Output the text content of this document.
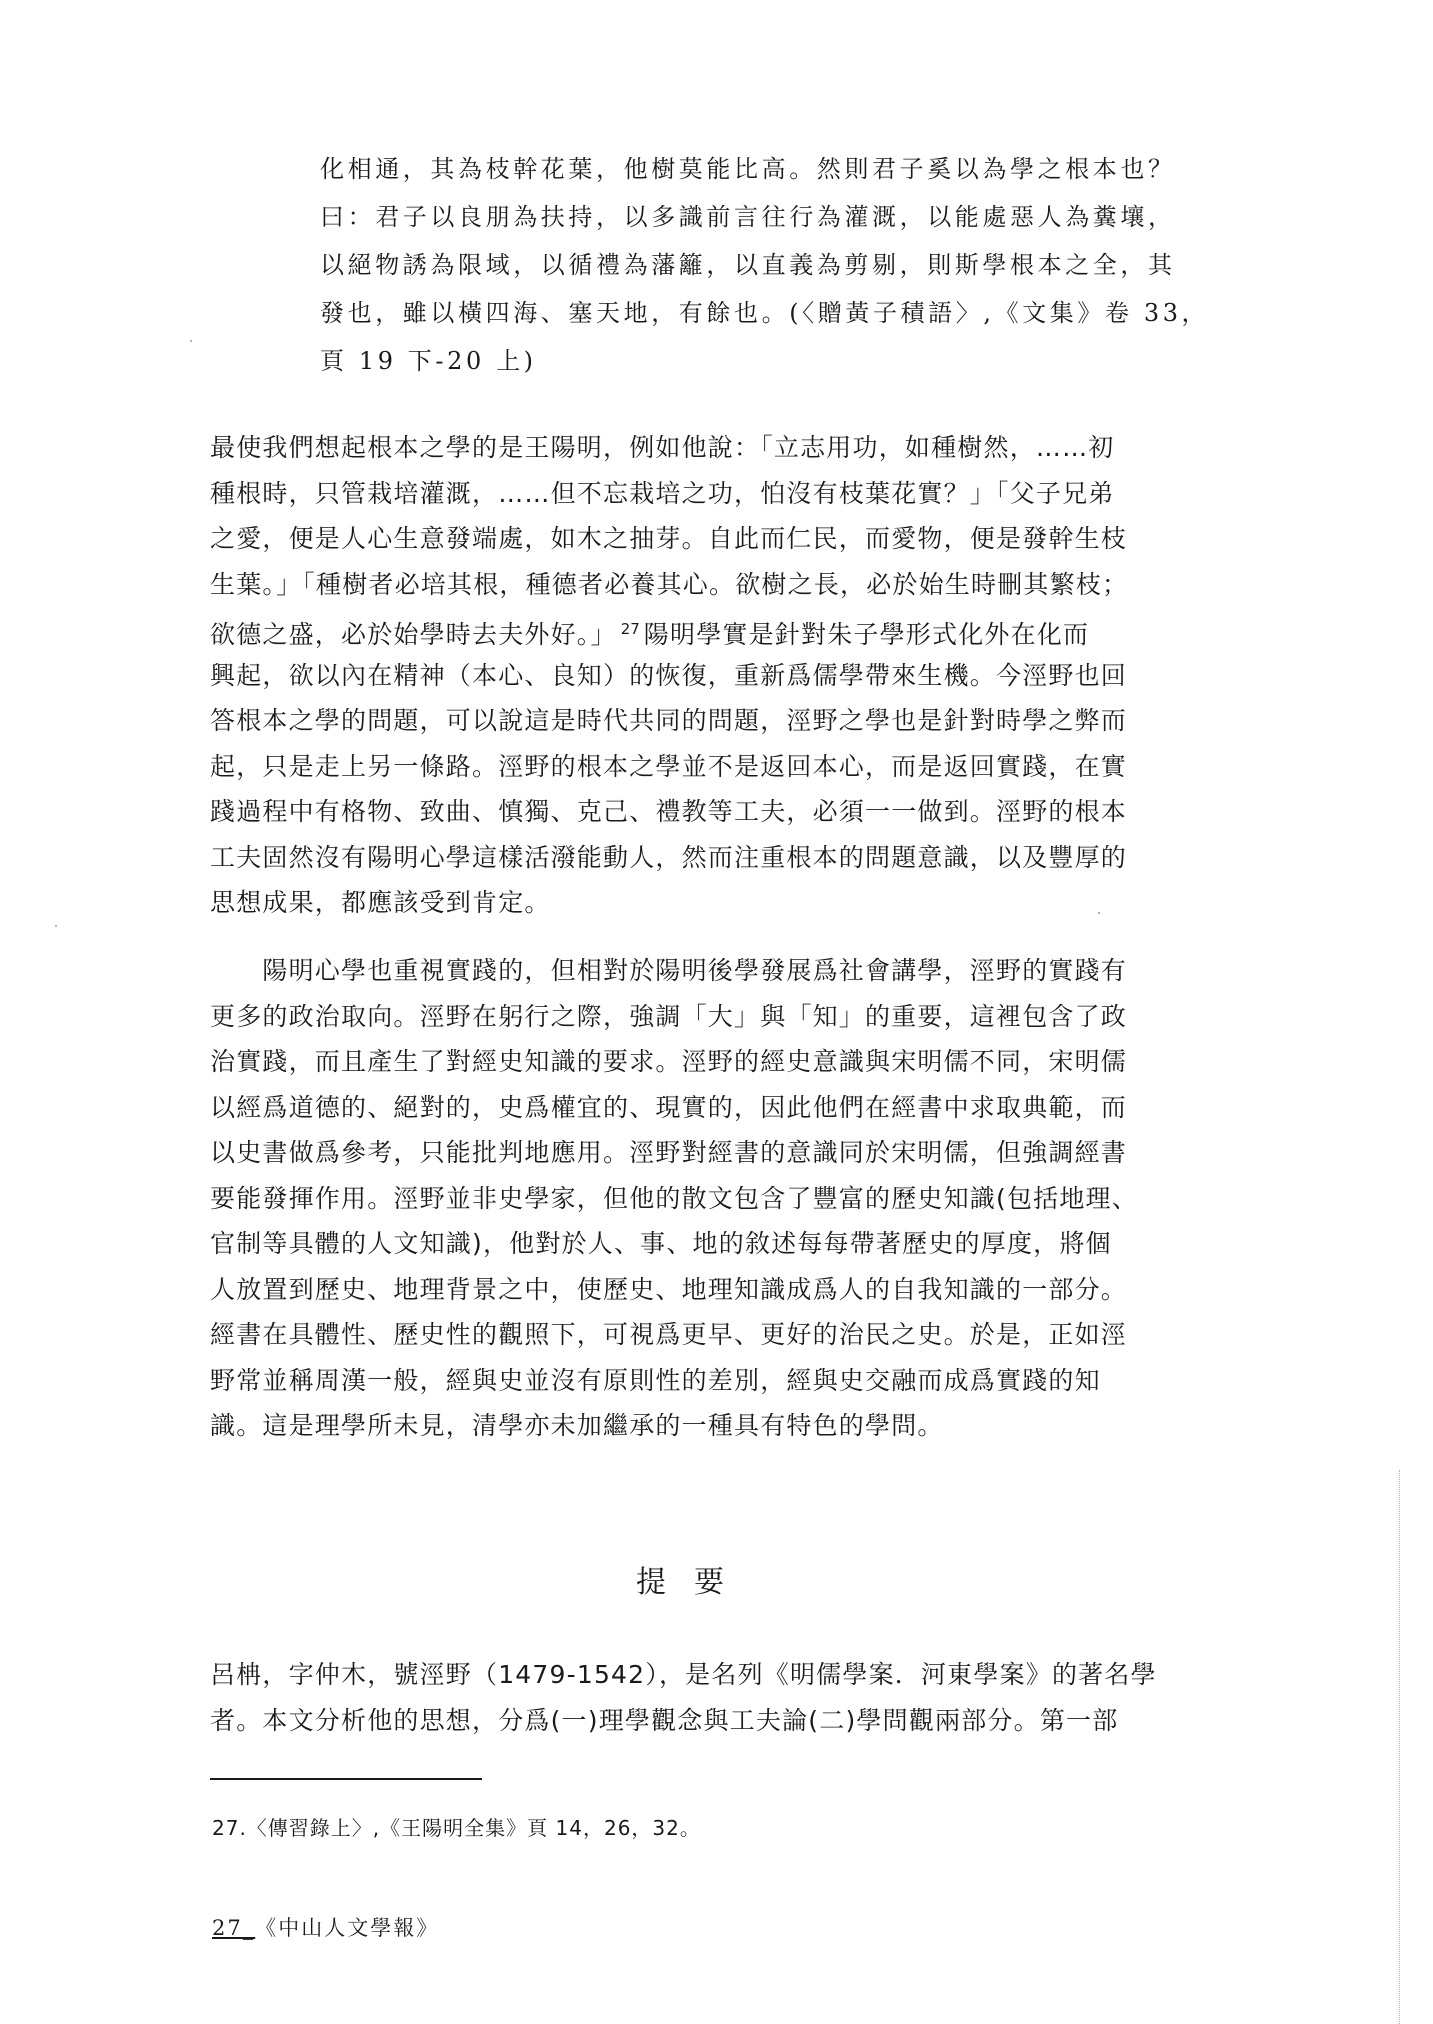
化相通，其為枝幹花葉，他樹莫能比高。然則君子奚以為學之根本也？
曰：君子以良朋為扶持，以多識前言往行為灌溉，以能處惡人為糞壤，
以絕物誘為限域，以循禮為藩籬，以直義為剪剔，則斯學根本之全，其
發也，雖以橫四海、塞天地，有餘也。(〈贈黃子積語〉,《文集》卷 33，
頁 19 下-20 上)
最使我們想起根本之學的是王陽明，例如他說：「立志用功，如種樹然，……初
種根時，只管栽培灌溉，……但不忘栽培之功，怕沒有枝葉花實？」「父子兄弟
之愛，便是人心生意發端處，如木之抽芽。自此而仁民，而愛物，便是發幹生枝
生葉。」「種樹者必培其根，種德者必養其心。欲樹之長，必於始生時刪其繁枝；
欲德之盛，必於始學時去夫外好。」 $^{27}$ 陽明學實是針對朱子學形式化外在化而
興起，欲以內在精神（本心、良知）的恢復，重新爲儒學帶來生機。今涇野也回
答根本之學的問題，可以說這是時代共同的問題，涇野之學也是針對時學之弊而
起，只是走上另一條路。涇野的根本之學並不是返回本心，而是返回實踐，在實
踐過程中有格物、致曲、慎獨、克己、禮教等工夫，必須一一做到。涇野的根本
工夫固然沒有陽明心學這樣活潑能動人，然而注重根本的問題意識，以及豐厚的
思想成果，都應該受到肯定。
　　陽明心學也重視實踐的，但相對於陽明後學發展爲社會講學，涇野的實踐有
更多的政治取向。涇野在躬行之際，強調「大」與「知」的重要，這裡包含了政
治實踐，而且產生了對經史知識的要求。涇野的經史意識與宋明儒不同，宋明儒
以經爲道德的、絕對的，史爲權宜的、現實的，因此他們在經書中求取典範，而
以史書做爲參考，只能批判地應用。涇野對經書的意識同於宋明儒，但強調經書
要能發揮作用。涇野並非史學家，但他的散文包含了豐富的歷史知識(包括地理、
官制等具體的人文知識)，他對於人、事、地的敘述每每帶著歷史的厚度，將個
人放置到歷史、地理背景之中，使歷史、地理知識成爲人的自我知識的一部分。
經書在具體性、歷史性的觀照下，可視爲更早、更好的治民之史。於是，正如涇
野常並稱周漢一般，經與史並沒有原則性的差別，經與史交融而成爲實踐的知
識。這是理學所未見，清學亦未加繼承的一種具有特色的學問。
提要
呂柟，字仲木，號涇野（1479-1542），是名列《明儒學案．河東學案》的著名學
者。本文分析他的思想，分爲(一)理學觀念與工夫論(二)學問觀兩部分。第一部
27.〈傳習錄上〉,《王陽明全集》頁 14，26，32。
27_《中山人文學報》
